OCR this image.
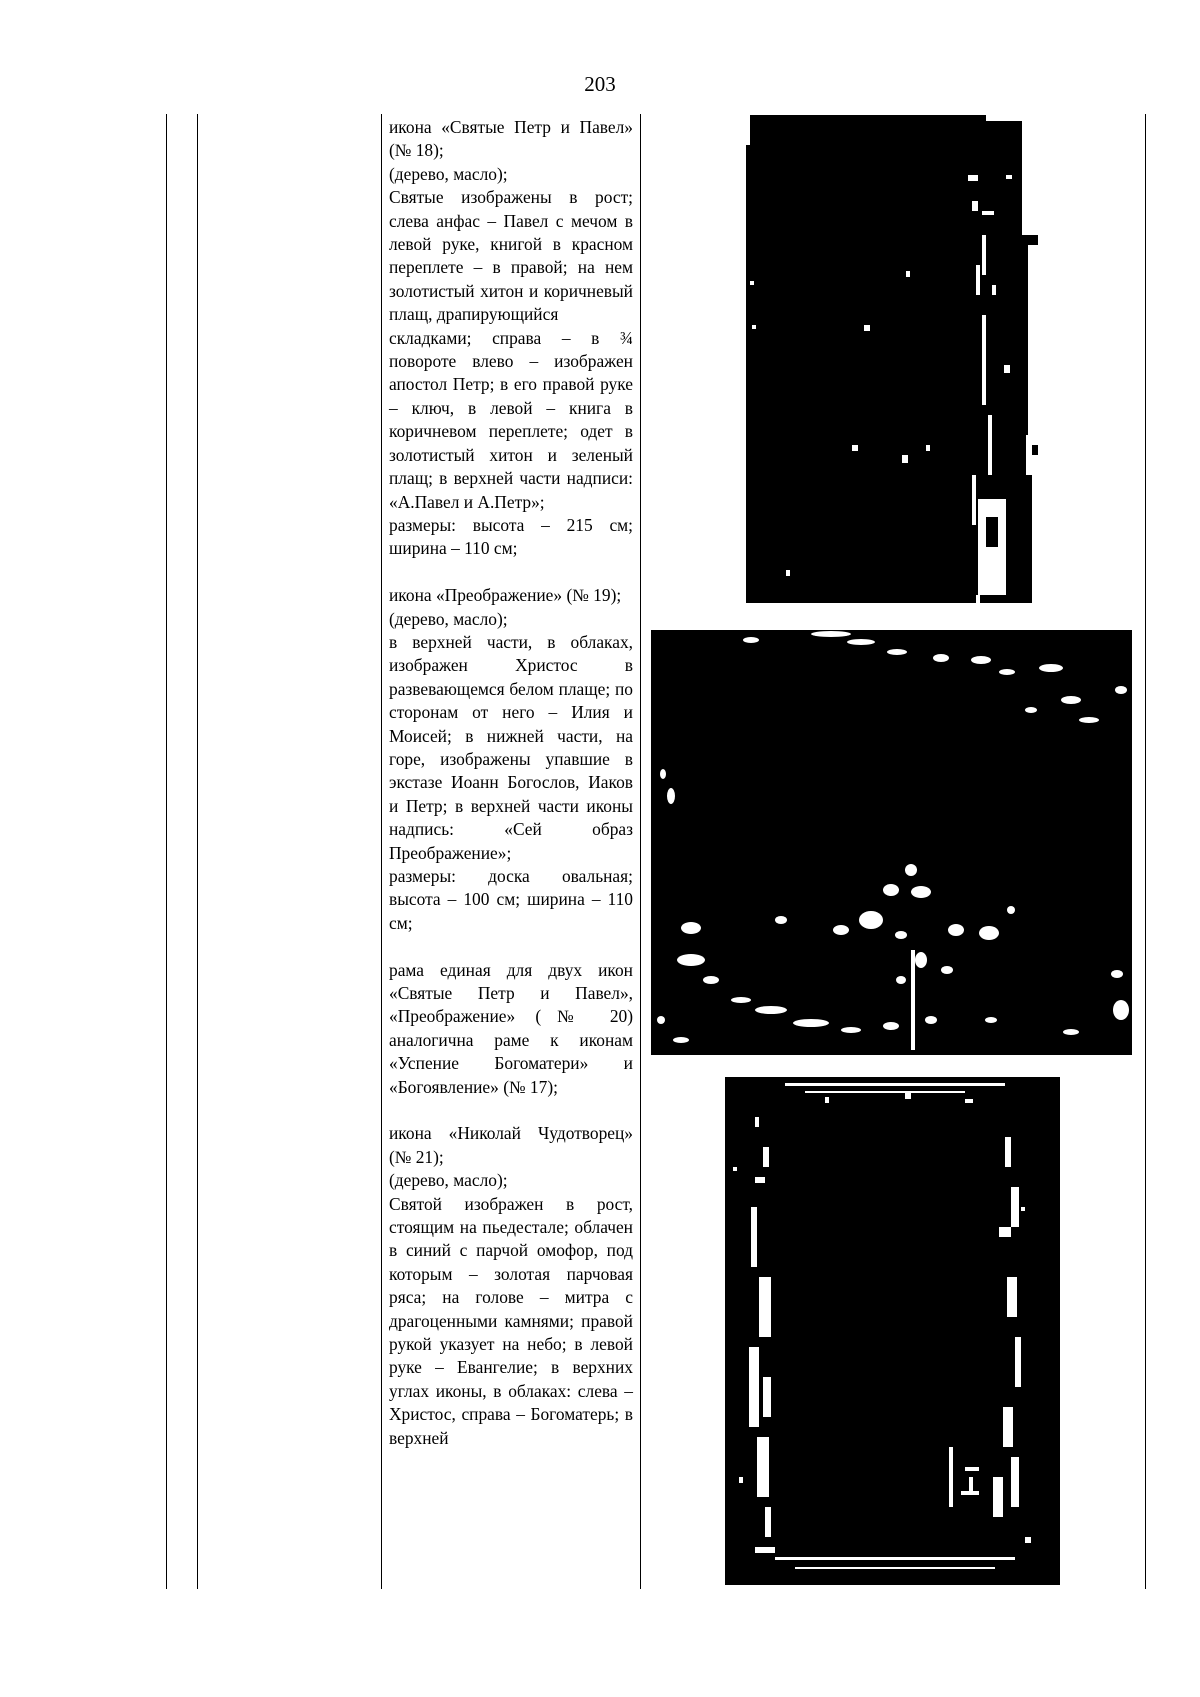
203

икона «Святые Петр и Павел» (№ 18);

(дерево, масло);

Святые изображены в рост; слева анфас – Павел с мечом в левой руке, книгой в красном переплете – в правой; на нем золотистый хитон и коричневый плащ, драпирующийся

складками; справа – в ¾ повороте влево – изображен апостол Петр; в его правой руке – ключ, в левой – книга в коричневом переплете; одет в золотистый хитон и зеленый плащ; в верхней части надписи: «А.Павел и А.Петр»;

размеры: высота – 215 см; ширина – 110 см;

икона «Преображение» (№ 19);

(дерево, масло);

в верхней части, в облаках, изображен Христос в развевающемся белом плаще; по сторонам от него – Илия и Моисей; в нижней части, на горе, изображены упавшие в экстазе Иоанн Богослов, Иаков и Петр; в верхней части иконы надпись: «Сей образ Преображение»;

размеры: доска овальная; высота – 100 см; ширина – 110 см;

рама единая для двух икон «Святые Петр и Павел», «Преображение» (№ 20) аналогична раме к иконам «Успение Богоматери» и «Богоявление» (№ 17);

икона «Николай Чудотворец» (№ 21);

(дерево, масло);

Святой изображен в рост, стоящим на пьедестале; облачен в синий с парчой омофор, под которым – золотая парчовая ряса; на голове – митра с драгоценными камнями; правой рукой указует на небо; в левой руке – Евангелие; в верхних углах иконы, в облаках: слева – Христос, справа – Богоматерь; в верхней
